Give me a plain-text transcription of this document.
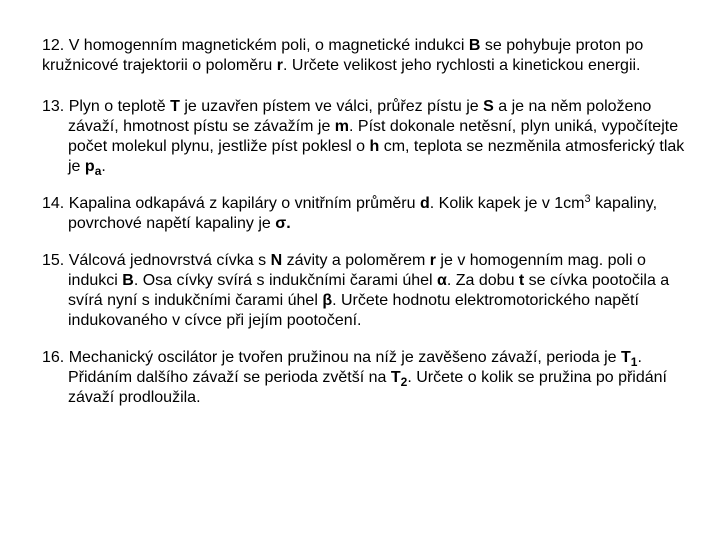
12. V homogenním magnetickém poli, o magnetické indukci B se pohybuje proton po kružnicové trajektorii o poloměru r. Určete velikost jeho rychlosti a kinetickou energii.

13. Plyn o teplotě T je uzavřen pístem ve válci, průřez pístu je S a je na něm položeno závaží, hmotnost pístu se závažím je m. Píst dokonale netěsní, plyn uniká, vypočítejte počet molekul plynu, jestliže píst poklesl o h cm, teplota se nezměnila atmosferický tlak je $p_a$.

14. Kapalina odkapává z kapiláry o vnitřním průměru d. Kolik kapek je v $1cm^3$ kapaliny, povrchové napětí kapaliny je σ.

15. Válcová jednovrstvá cívka s N závity a poloměrem r je v homogenním mag. poli o indukci B. Osa cívky svírá s indukčními čarami úhel α. Za dobu t se cívka pootočila a svírá nyní s indukčními čarami úhel β. Určete hodnotu elektromotorického napětí indukovaného v cívce při jejím pootočení.

16. Mechanický oscilátor je tvořen pružinou na níž je zavěšeno závaží, perioda je $T_1$. Přidáním dalšího závaží se perioda zvětší na $T_2$. Určete o kolik se pružina po přidání závaží prodloužila.
